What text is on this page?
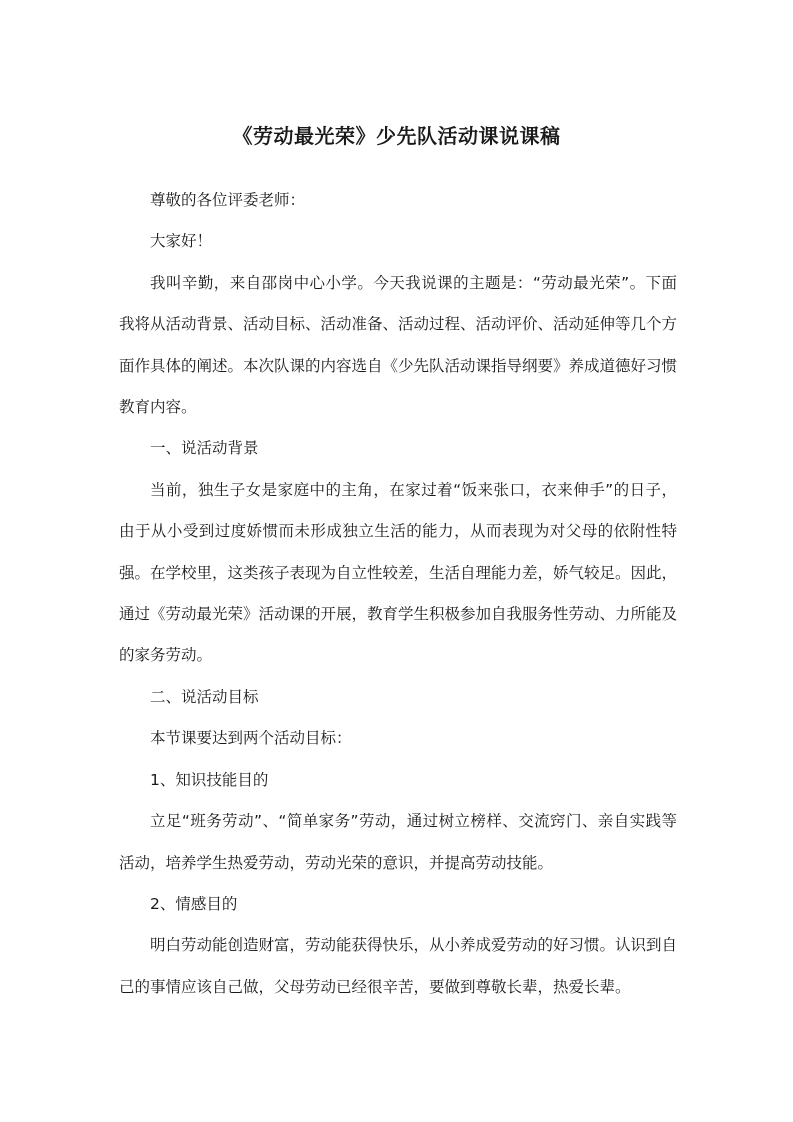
《劳动最光荣》少先队活动课说课稿

尊敬的各位评委老师：

大家好！

我叫辛勤，来自邵岗中心小学。今天我说课的主题是：“劳动最光荣”。下面我将从活动背景、活动目标、活动准备、活动过程、活动评价、活动延伸等几个方面作具体的阐述。本次队课的内容选自《少先队活动课指导纲要》养成道德好习惯教育内容。

一、说活动背景

当前，独生子女是家庭中的主角，在家过着“饭来张口，衣来伸手”的日子，由于从小受到过度娇惯而未形成独立生活的能力，从而表现为对父母的依附性特强。在学校里，这类孩子表现为自立性较差，生活自理能力差，娇气较足。因此，通过《劳动最光荣》活动课的开展，教育学生积极参加自我服务性劳动、力所能及的家务劳动。

二、说活动目标

本节课要达到两个活动目标：

1、知识技能目的

立足“班务劳动”、“简单家务”劳动，通过树立榜样、交流窍门、亲自实践等活动，培养学生热爱劳动，劳动光荣的意识，并提高劳动技能。

2、情感目的

明白劳动能创造财富，劳动能获得快乐，从小养成爱劳动的好习惯。认识到自己的事情应该自己做，父母劳动已经很辛苦，要做到尊敬长辈，热爱长辈。
